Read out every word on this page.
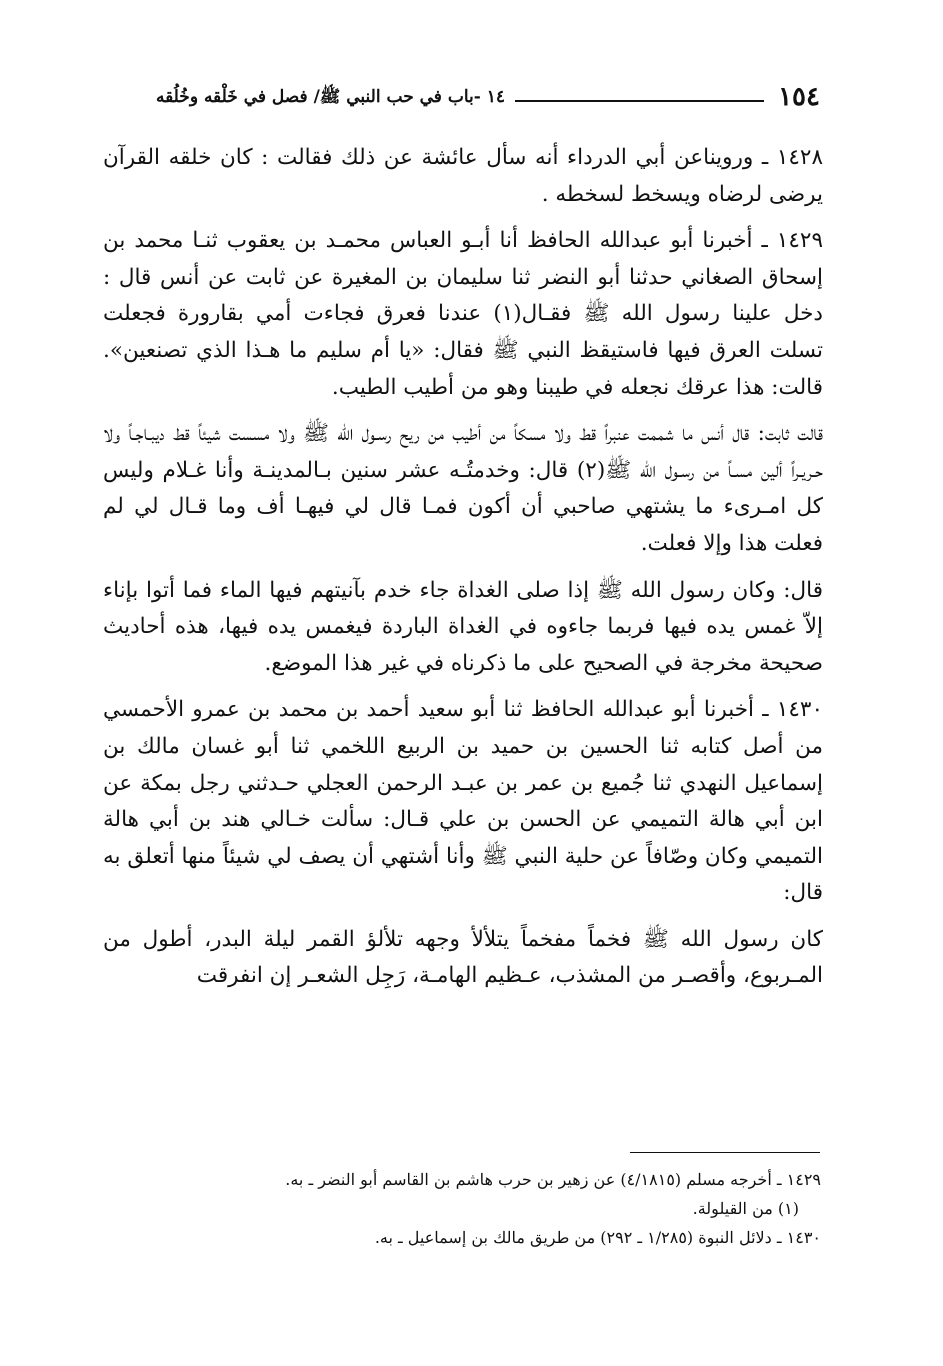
١٥٤
١٤ -باب في حب النبي ﷺ/ فصل في خَلْقه وخُلُقه

١٤٢٨ ـ ورويناعن أبي الدرداء أنه سأل عائشة عن ذلك فقالت : كان خلقه القرآن يرضى لرضاه ويسخط لسخطه .

١٤٢٩ ـ أخبرنا أبو عبدالله الحافظ أنا أبـو العباس محمـد بن يعقوب ثنـا محمد بن إسحاق الصغاني حدثنا أبو النضر ثنا سليمان بن المغيرة عن ثابت عن أنس قال : دخل علينا رسول الله ﷺ فقـال(١) عندنا فعرق فجاءت أمي بقارورة فجعلت تسلت العرق فيها فاستيقظ النبي ﷺ فقال: «يا أم سليم ما هـذا الذي تصنعين». قالت: هذا عرقك نجعله في طيبنا وهو من أطيب الطيب.

قالت ثابت: قال أنس ما شممت عنبراً قط ولا مسكاً من أطيب من ريح رسـول الله ﷺ ولا مسست شيئاً قط ديبـاجـاً ولا حـريـراً ألين مسـاً من رسـول الله ﷺ(٢) قال: وخدمتُـه عشر سنين بـالمدينـة وأنا غـلام وليس كل امـرىء ما يشتهي صاحبي أن أكون فمـا قال لي فيهـا أف وما قـال لي لم فعلت هذا وإلا فعلت.

قال: وكان رسول الله ﷺ إذا صلى الغداة جاء خدم بآنيتهم فيها الماء فما أتوا بإناء إلاّ غمس يده فيها فربما جاءوه في الغداة الباردة فيغمس يده فيها، هذه أحاديث صحيحة مخرجة في الصحيح على ما ذكرناه في غير هذا الموضع.

١٤٣٠ ـ أخبرنا أبو عبدالله الحافظ ثنا أبو سعيد أحمد بن محمد بن عمرو الأحمسي من أصل كتابه ثنا الحسين بن حميد بن الربيع اللخمي ثنا أبو غسان مالك بن إسماعيل النهدي ثنا جُميع بن عمر بن عبـد الرحمن العجلي حـدثني رجل بمكة عن ابن أبي هالة التميمي عن الحسن بن علي قـال: سألت خـالي هند بن أبي هالة التميمي وكان وصّافاً عن حلية النبي ﷺ وأنا أشتهي أن يصف لي شيئاً منها أتعلق به قال:

كان رسول الله ﷺ فخماً مفخماً يتلألأ وجهه تلألؤ القمر ليلة البدر، أطول من المـربوع، وأقصـر من المشذب، عـظيم الهامـة، رَجِل الشعـر إن انفرقت

١٤٢٩ ـ أخرجه مسلم (٤/١٨١٥) عن زهير بن حرب هاشم بن القاسم أبو النضر ـ به.

(١) من القيلولة.

١٤٣٠ ـ دلائل النبوة (١/٢٨٥ ـ ٢٩٢) من طريق مالك بن إسماعيل ـ به.
